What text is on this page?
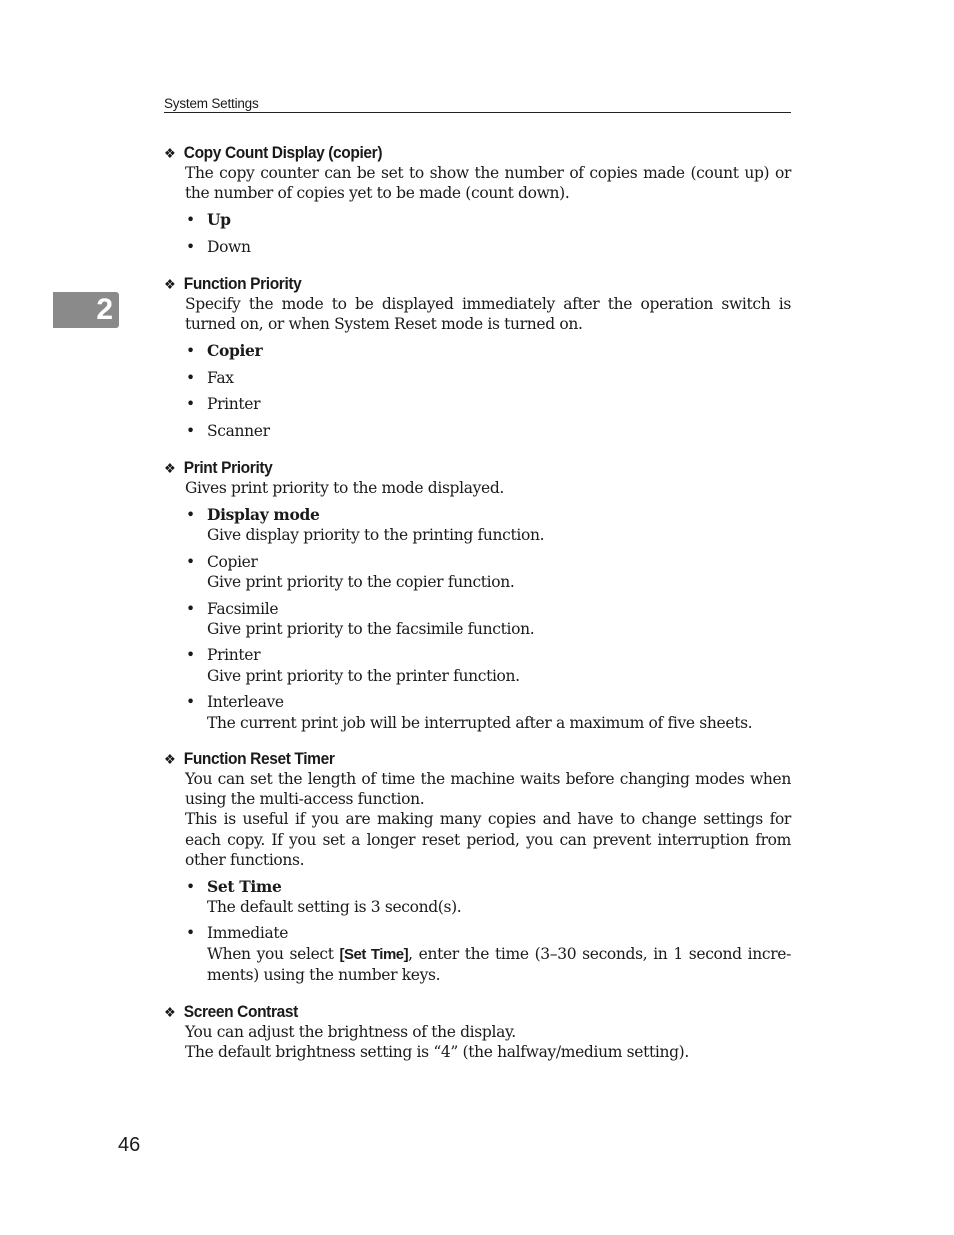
System Settings
2
❖ Copy Count Display (copier)
The copy counter can be set to show the number of copies made (count up) or the number of copies yet to be made (count down).
• Up
• Down
❖ Function Priority
Specify the mode to be displayed immediately after the operation switch is turned on, or when System Reset mode is turned on.
• Copier
• Fax
• Printer
• Scanner
❖ Print Priority
Gives print priority to the mode displayed.
• Display mode
Give display priority to the printing function.
• Copier
Give print priority to the copier function.
• Facsimile
Give print priority to the facsimile function.
• Printer
Give print priority to the printer function.
• Interleave
The current print job will be interrupted after a maximum of five sheets.
❖ Function Reset Timer
You can set the length of time the machine waits before changing modes when using the multi-access function.
This is useful if you are making many copies and have to change settings for each copy. If you set a longer reset period, you can prevent interruption from other functions.
• Set Time
The default setting is 3 second(s).
• Immediate
When you select [Set Time], enter the time (3–30 seconds, in 1 second incre-ments) using the number keys.
❖ Screen Contrast
You can adjust the brightness of the display.
The default brightness setting is “4” (the halfway/medium setting).
46
